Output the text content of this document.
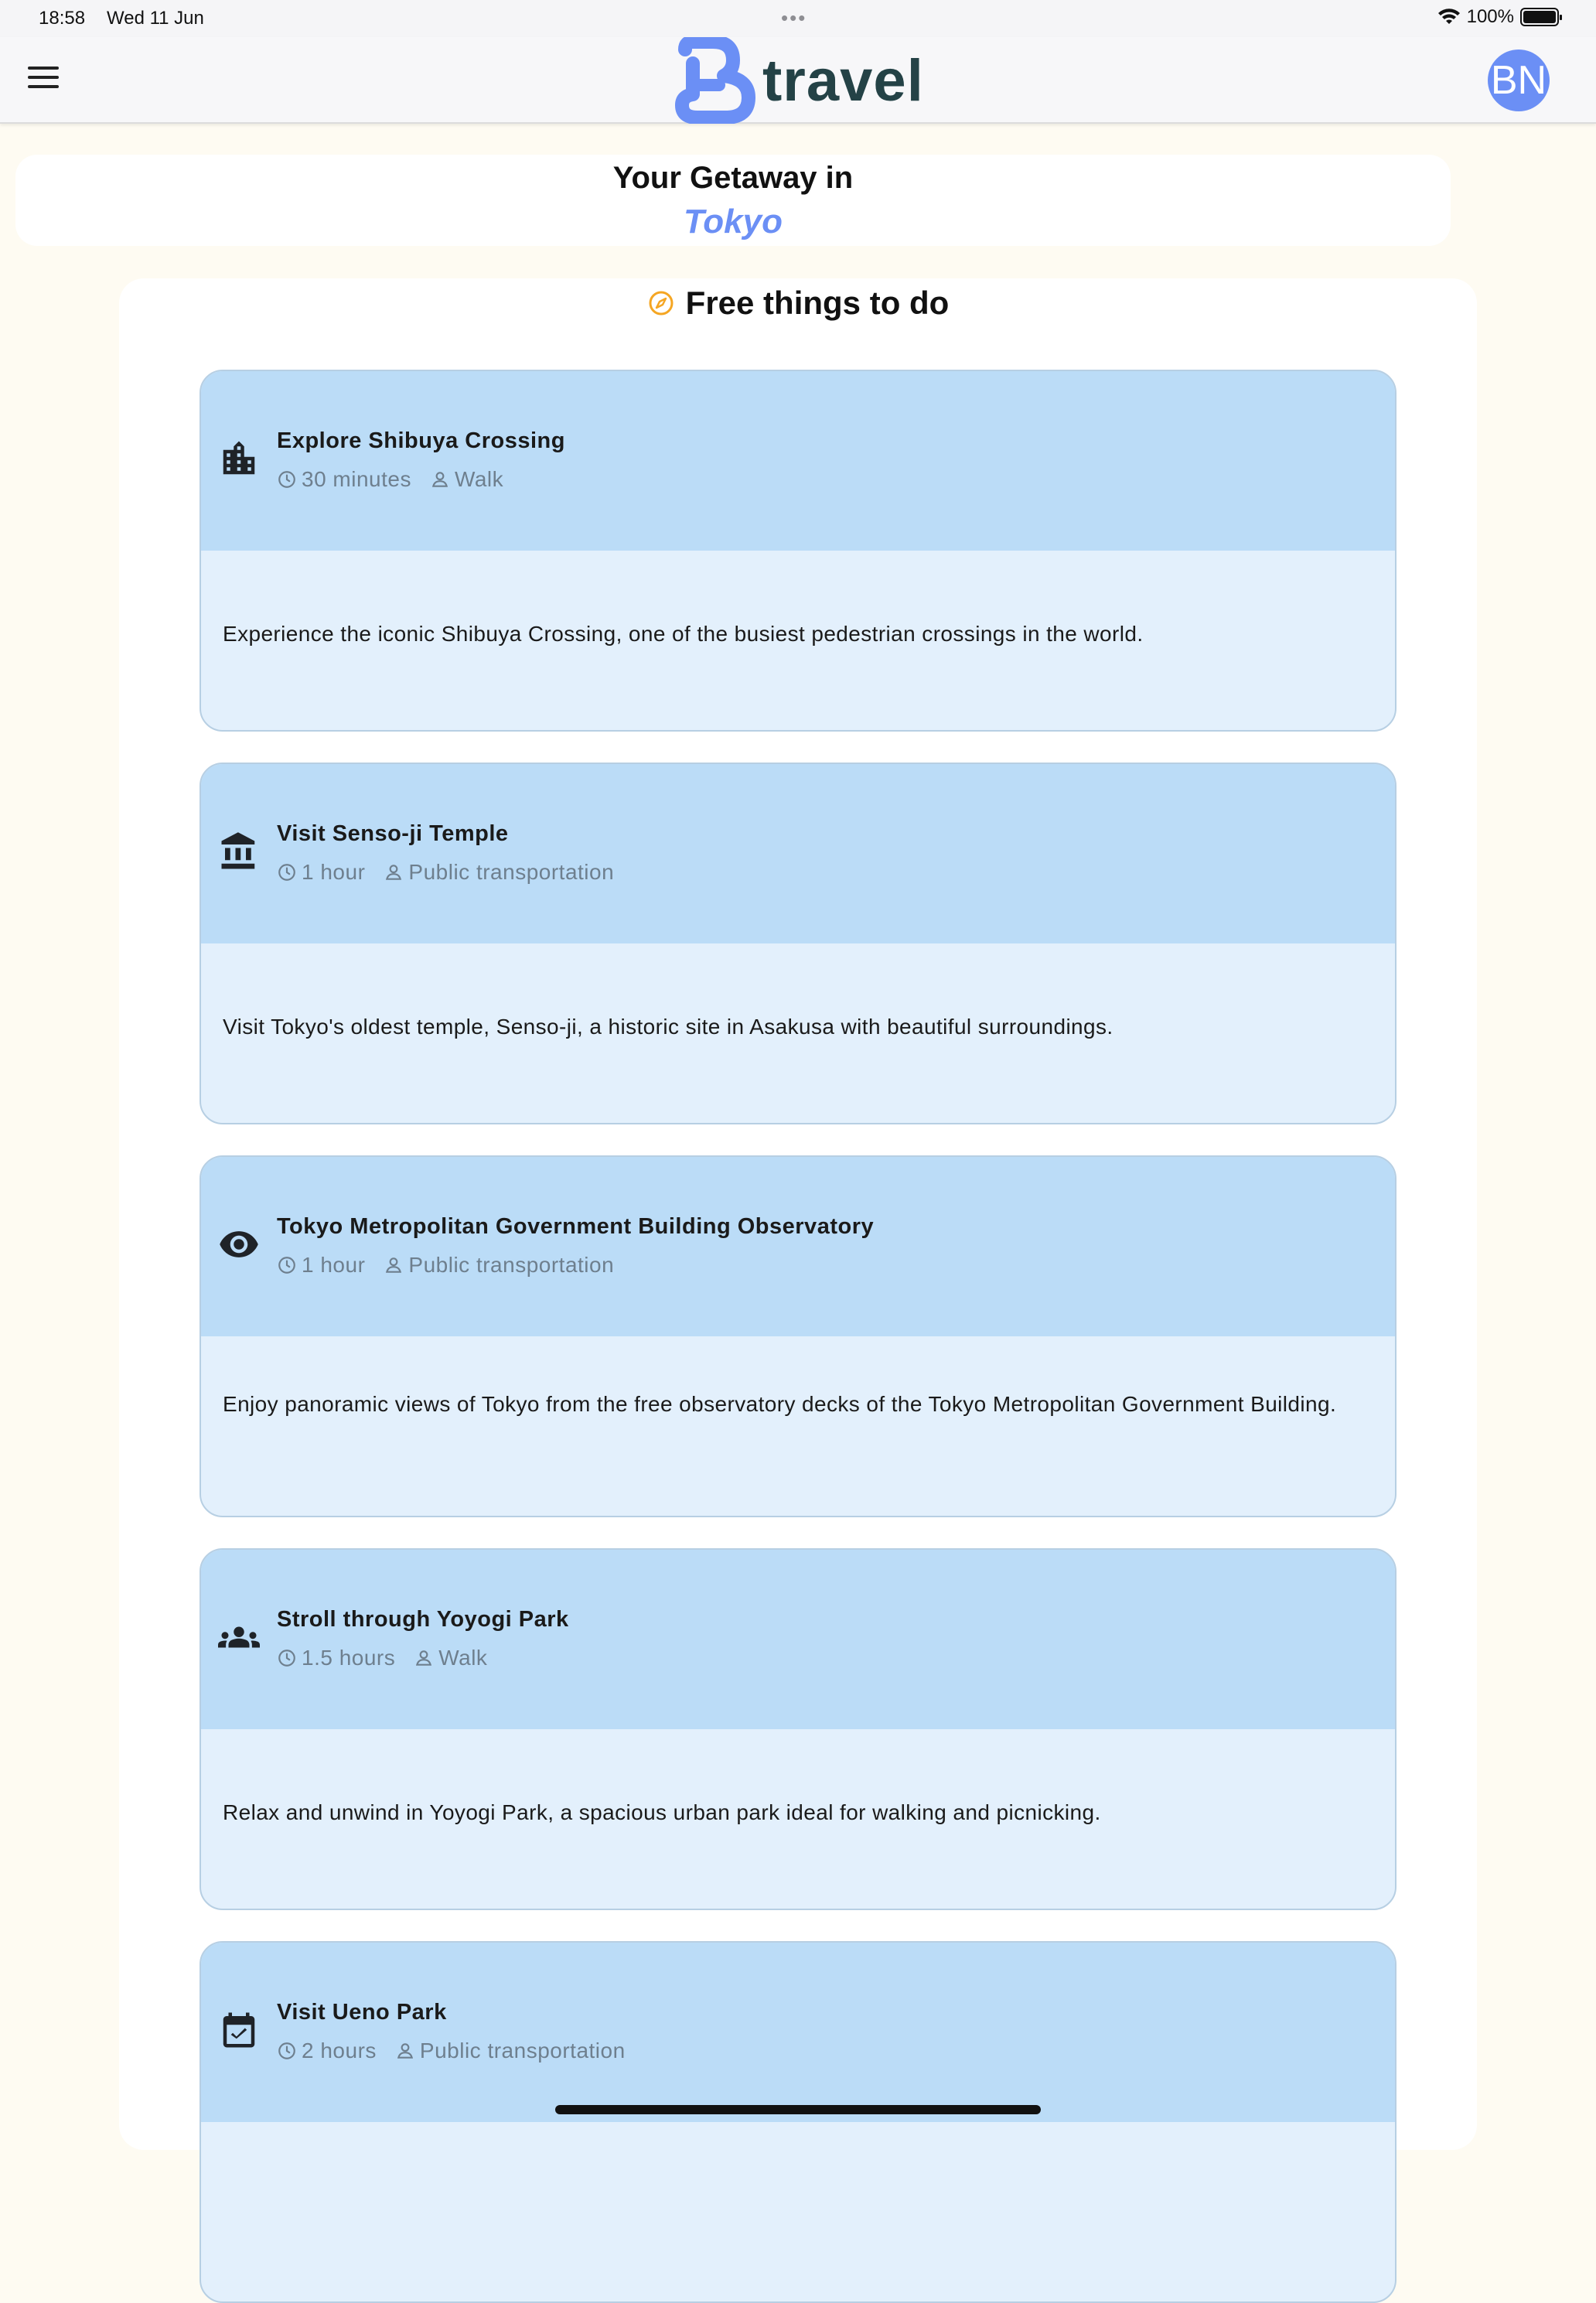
18:58 Wed 11 Jun	•••	100%
travel	BN
Your Getaway in
Tokyo
Free things to do
Explore Shibuya Crossing
30 minutes Walk
Experience the iconic Shibuya Crossing, one of the busiest pedestrian crossings in the world.
Visit Senso-ji Temple
1 hour Public transportation
Visit Tokyo's oldest temple, Senso-ji, a historic site in Asakusa with beautiful surroundings.
Tokyo Metropolitan Government Building Observatory
1 hour Public transportation
Enjoy panoramic views of Tokyo from the free observatory decks of the Tokyo Metropolitan Government Building.
Stroll through Yoyogi Park
1.5 hours Walk
Relax and unwind in Yoyogi Park, a spacious urban park ideal for walking and picnicking.
Visit Ueno Park
2 hours Public transportation
